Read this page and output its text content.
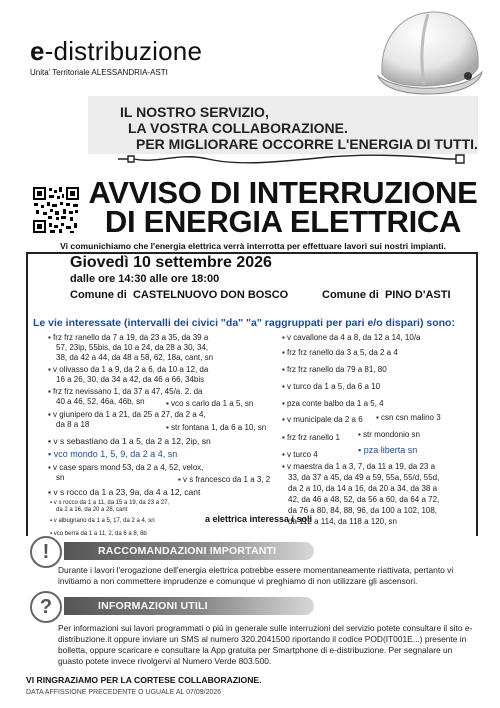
e-distribuzione
Unita' Territoriale ALESSANDRIA-ASTI
IL NOSTRO SERVIZIO,
LA VOSTRA COLLABORAZIONE.
PER MIGLIORARE OCCORRE L'ENERGIA DI TUTTI.
AVVISO DI INTERRUZIONE
DI ENERGIA ELETTRICA
Vi comunichiamo che l'energia elettrica verrà interrotta per effettuare lavori sui nostri impianti.
Giovedì 10 settembre 2026
dalle ore 14:30 alle ore 18:00
Comune di CASTELNUOVO DON BOSCO	Comune di PINO D'ASTI
Le vie interessate (intervalli dei civici "da" "a" raggruppati per pari e/o dispari) sono:
▪ frz frz ranello da 7 a 19, da 23 a 35, da 39 a
57, 23ip, 55bis, da 10 a 24, da 28 a 30, 34,
38, da 42 a 44, da 48 a 58, 62, 18a, cant, sn
▪ v olivasso da 1 a 9, da 2 a 6, da 10 a 12, da
16 a 26, 30, da 34 a 42, da 46 a 66, 34bis
▪ frz frz nevissano 1, da 37 a 47, 45/a. 2. da
40 a 46, 52, 46a, 46b, sn	▪ vco s carlo da 1 a 5, sn
▪ v giunipero da 1 a 21, da 25 a 27, da 2 a 4,
da 8 a 18	▪ str fontana 1, da 6 a 10, sn
▪ v s sebastiano da 1 a 5, da 2 a 12, 2ip, sn
▪ vco mondo 1, 5, 9, da 2 a 4, sn
▪ v case spars mond 53, da 2 a 4, 52, velox,
sn	▪ v s francesco da 1 a 3, 2
▪ v s rocco da 1 a 23, 9a, da 4 a 12, cant
▪ v s rocco da 1 a 11, da 15 a 19, da 23 a 27,
da 2 a 16, da 20 a 28, cant
▪ v albugnano da 1 a 5, 17, da 2 a 4, sn
▪ vco berra da 1 a 11, 2, da 6 a 8, 8b
a elettrica interessa i soli
▪ v cavallone da 4 a 8, da 12 a 14, 10/a
▪ frz frz ranello da 3 a 5, da 2 a 4
▪ frz frz ranello da 79 a 81, 80
▪ v turco da 1 a 5, da 6 a 10
▪ pza conte balbo da 1 a 5, 4
▪ v municipale da 2 a 6 ▪ csn csn malino 3
▪ frz frz ranello 1 ▪ str mondonio sn
▪ v turco 4	▪ pza liberta sn
▪ v maestra da 1 a 3, 7, da 11 a 19, da 23 a
33, da 37 a 45, da 49 a 59, 55a, 55/d, 55d,
da 2 a 10, da 14 a 16, da 20 a 34, da 38 a
42, da 46 a 48, 52, da 56 a 60, da 64 a 72,
da 76 a 80, 84, 88, 96, da 100 a 102, 108,
da 112 a 114, da 118 a 120, sn
!	RACCOMANDAZIONI IMPORTANTI
Durante i lavori l'erogazione dell'energia elettrica potrebbe essere momentaneamente riattivata, pertanto vi invitiamo a non commettere imprudenze e comunque vi preghiamo di non utilizzare gli ascensori.
?	INFORMAZIONI UTILI
Per informazioni sui lavori programmati o più in generale sulle interruzioni del servizio potete consultare il sito e-distribuzione.it oppure inviare un SMS al numero 320.2041500 riportando il codice POD(IT001E...) presente in bolletta, oppure scaricare e consultare la App gratuita per Smartphone di e-distribuzione. Per segnalare un guasto potete invece rivolgervi al Numero Verde 803.500.
VI RINGRAZIAMO PER LA CORTESE COLLABORAZIONE.
DATA AFFISSIONE PRECEDENTE O UGUALE AL 07/09/2026
